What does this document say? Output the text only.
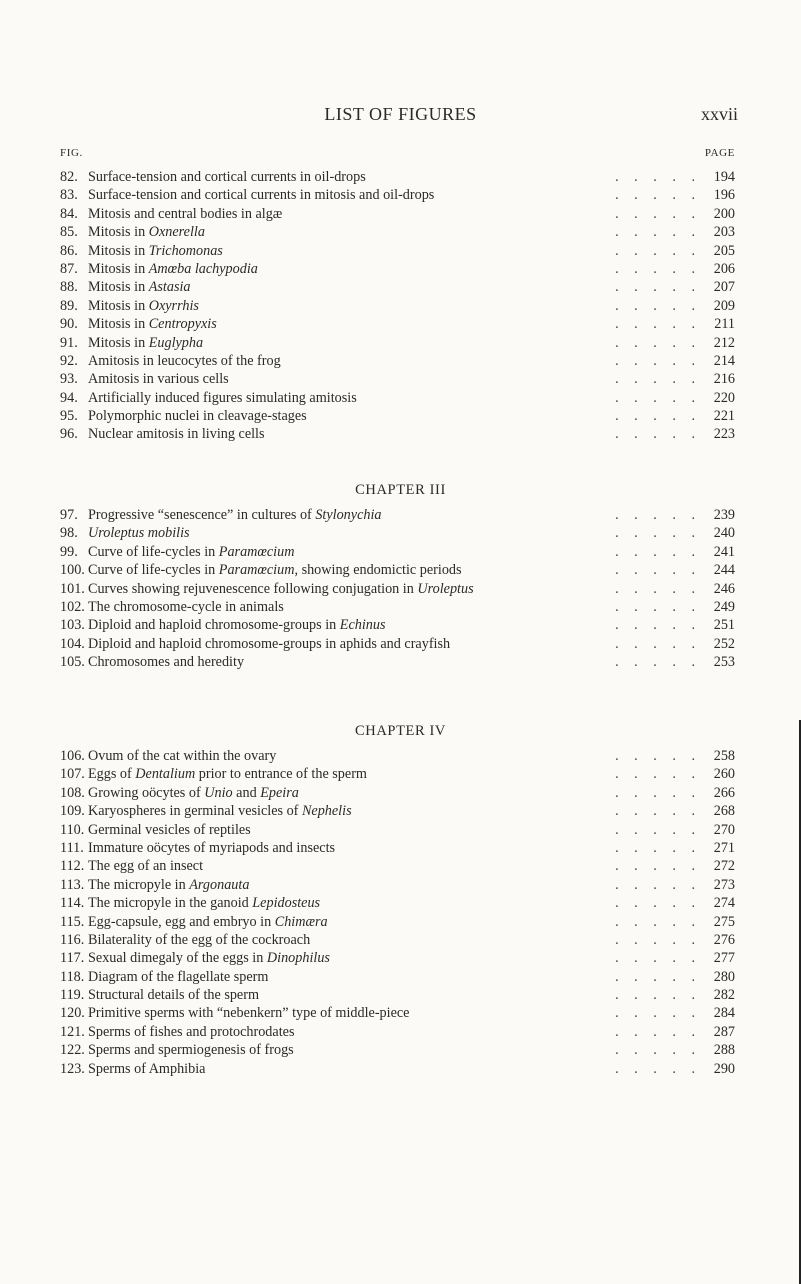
LIST OF FIGURES	xxvii
FIG.	PAGE
82. Surface-tension and cortical currents in oil-drops	. . . . . 194
83. Surface-tension and cortical currents in mitosis and oil-drops	. . . . . 196
84. Mitosis and central bodies in algæ	. . . . . 200
85. Mitosis in Oxnerella	. . . . . 203
86. Mitosis in Trichomonas	. . . . . 205
87. Mitosis in Amœba lachypodia	. . . . . 206
88. Mitosis in Astasia	. . . . . 207
89. Mitosis in Oxyrrhis	. . . . . 209
90. Mitosis in Centropyxis	. . . . . 211
91. Mitosis in Euglypha	. . . . . 212
92. Amitosis in leucocytes of the frog	. . . . . 214
93. Amitosis in various cells	. . . . . 216
94. Artificially induced figures simulating amitosis	. . . . . 220
95. Polymorphic nuclei in cleavage-stages	. . . . . 221
96. Nuclear amitosis in living cells	. . . . . 223
CHAPTER III
97. Progressive “senescence” in cultures of Stylonychia	. . . . . 239
98. Uroleptus mobilis	. . . . . 240
99. Curve of life-cycles in Paramœcium	. . . . . 241
100. Curve of life-cycles in Paramœcium, showing endomictic periods	. . . . . 244
101. Curves showing rejuvenescence following conjugation in Uroleptus	. . . . . 246
102. The chromosome-cycle in animals	. . . . . 249
103. Diploid and haploid chromosome-groups in Echinus	. . . . . 251
104. Diploid and haploid chromosome-groups in aphids and crayfish	. . . . . 252
105. Chromosomes and heredity	. . . . . 253
CHAPTER IV
106. Ovum of the cat within the ovary	. . . . . 258
107. Eggs of Dentalium prior to entrance of the sperm	. . . . . 260
108. Growing oöcytes of Unio and Epeira	. . . . . 266
109. Karyospheres in germinal vesicles of Nephelis	. . . . . 268
110. Germinal vesicles of reptiles	. . . . . 270
111. Immature oöcytes of myriapods and insects	. . . . . 271
112. The egg of an insect	. . . . . 272
113. The micropyle in Argonauta	. . . . . 273
114. The micropyle in the ganoid Lepidosteus	. . . . . 274
115. Egg-capsule, egg and embryo in Chimæra	. . . . . 275
116. Bilaterality of the egg of the cockroach	. . . . . 276
117. Sexual dimegaly of the eggs in Dinophilus	. . . . . 277
118. Diagram of the flagellate sperm	. . . . . 280
119. Structural details of the sperm	. . . . . 282
120. Primitive sperms with “nebenkern” type of middle-piece	. . . . . 284
121. Sperms of fishes and protochrodates	. . . . . 287
122. Sperms and spermiogenesis of frogs	. . . . . 288
123. Sperms of Amphibia	. . . . . 290
